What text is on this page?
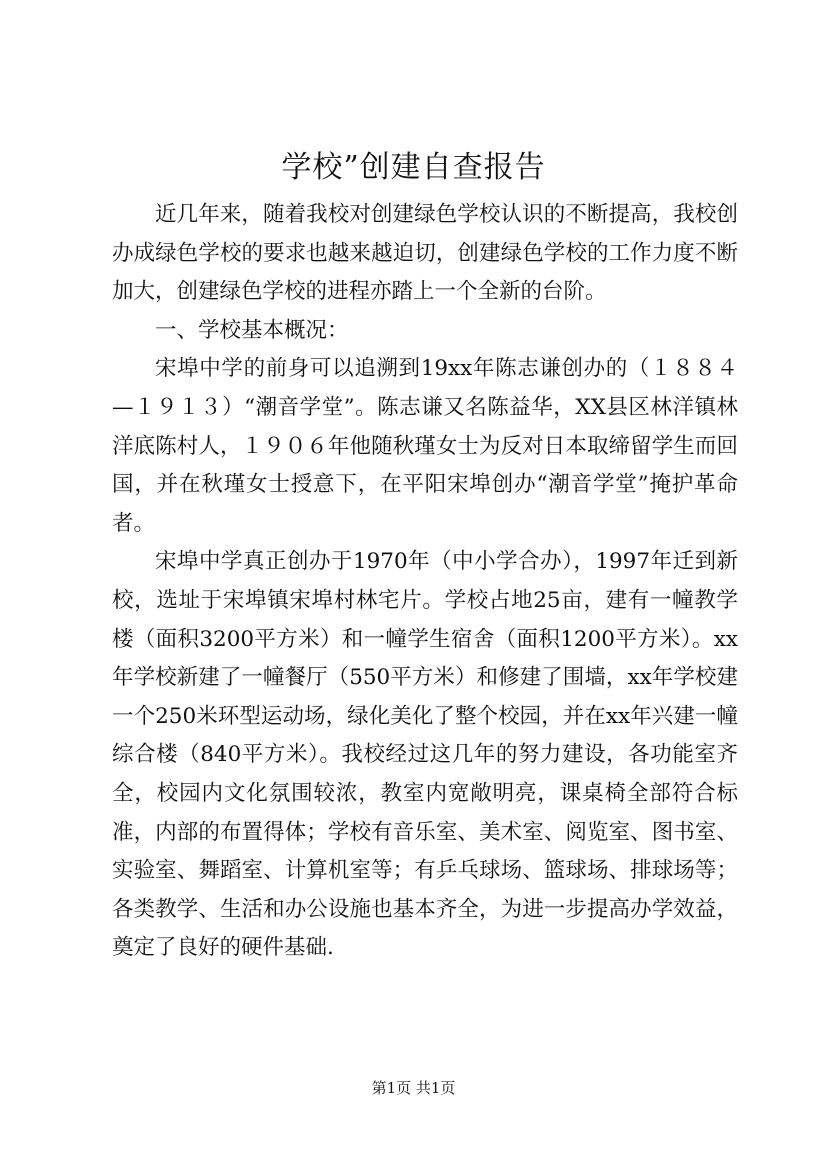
学校”创建自查报告

近几年来，随着我校对创建绿色学校认识的不断提高，我校创办成绿色学校的要求也越来越迫切，创建绿色学校的工作力度不断加大，创建绿色学校的进程亦踏上一个全新的台阶。

一、学校基本概况：

宋埠中学的前身可以追溯到19xx年陈志谦创办的（１８８４—１９１３）“潮音学堂”。陈志谦又名陈益华，XX县区林洋镇林洋底陈村人，１９０６年他随秋瑾女士为反对日本取缔留学生而回国，并在秋瑾女士授意下，在平阳宋埠创办“潮音学堂”掩护革命者。

宋埠中学真正创办于1970年（中小学合办），1997年迁到新校，选址于宋埠镇宋埠村林宅片。学校占地25亩，建有一幢教学楼（面积3200平方米）和一幢学生宿舍（面积1200平方米）。xx年学校新建了一幢餐厅（550平方米）和修建了围墙，xx年学校建一个250米环型运动场，绿化美化了整个校园，并在xx年兴建一幢综合楼（840平方米）。我校经过这几年的努力建设，各功能室齐全，校园内文化氛围较浓，教室内宽敞明亮，课桌椅全部符合标准，内部的布置得体；学校有音乐室、美术室、阅览室、图书室、实验室、舞蹈室、计算机室等；有乒乓球场、篮球场、排球场等；各类教学、生活和办公设施也基本齐全，为进一步提高办学效益，奠定了良好的硬件基础.

第1页 共1页
